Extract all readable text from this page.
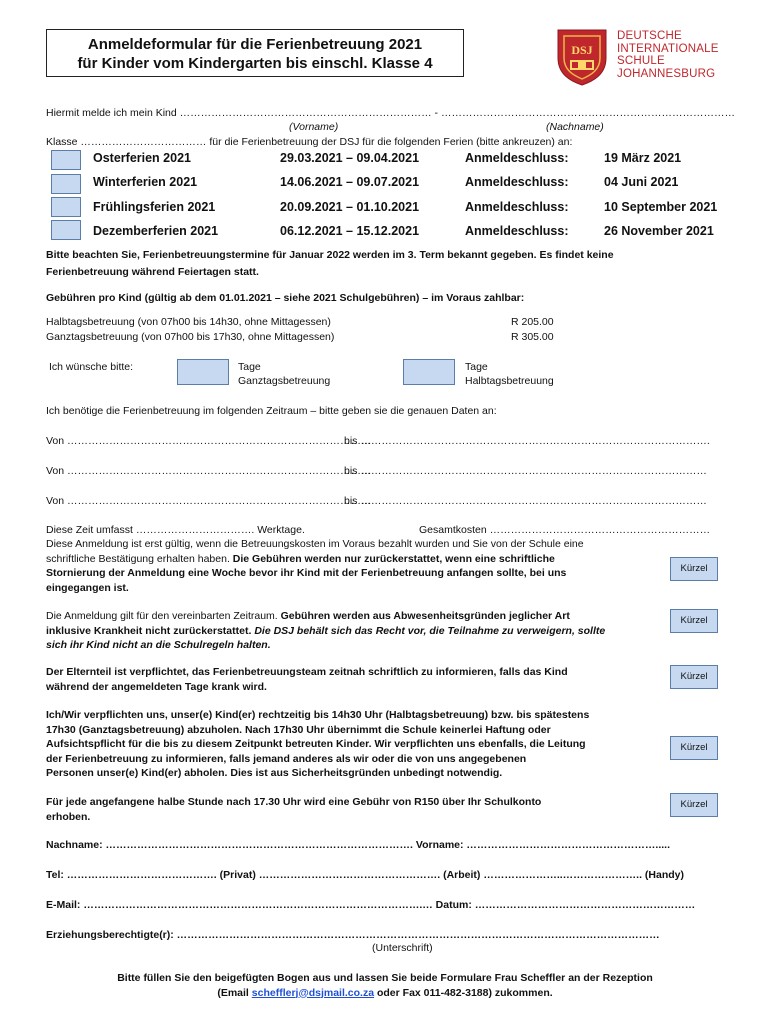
Anmeldeformular für die Ferienbetreuung 2021
für Kinder vom Kindergarten bis einschl. Klasse 4
DSJ
DEUTSCHE
INTERNATIONALE
SCHULE
JOHANNESBURG
Hiermit melde ich mein Kind ……………………………………………………………… - …………………………………………………………………………
(Vorname)	(Nachname)
Klasse ……………………………… für die Ferienbetreuung der DSJ für die folgenden Ferien (bitte ankreuzen) an:
Osterferien 2021	29.03.2021 – 09.04.2021	Anmeldeschluss:	19 März 2021
Winterferien 2021	14.06.2021 – 09.07.2021	Anmeldeschluss:	04 Juni 2021
Frühlingsferien 2021	20.09.2021 – 01.10.2021	Anmeldeschluss:	10 September 2021
Dezemberferien 2021	06.12.2021 – 15.12.2021	Anmeldeschluss:	26 November 2021
Bitte beachten Sie, Ferienbetreuungstermine für Januar 2022 werden im 3. Term bekannt gegeben. Es findet keine
Ferienbetreuung während Feiertagen statt.
Gebühren pro Kind (gültig ab dem 01.01.2021 – siehe 2021 Schulgebühren) – im Voraus zahlbar:
Halbtagsbetreuung (von 07h00 bis 14h30, ohne Mittagessen)	R 205.00
Ganztagsbetreuung (von 07h00 bis 17h30, ohne Mittagessen)	R 305.00
Ich wünsche bitte:	Tage
Ganztagsbetreuung
Tage
Halbtagsbetreuung
Ich benötige die Ferienbetreuung im folgenden Zeitraum – bitte geben sie die genauen Daten an:
Von ……………………………………………………………………………
bis ……………………………………………………………………………………….
Von ……………………………………………………………………………
bis ………………………………………………………………………………………
Von ……………………………………………………………………………
bis ………………………………………………………………………………………
Diese Zeit umfasst ……………………………. Werktage.	Gesamtkosten ………………………………………………………
Diese Anmeldung ist erst gültig, wenn die Betreuungskosten im Voraus bezahlt wurden und Sie von der Schule eine
schriftliche Bestätigung erhalten haben. Die Gebühren werden nur zurückerstattet, wenn eine schriftliche
Stornierung der Anmeldung eine Woche bevor ihr Kind mit der Ferienbetreuung anfangen sollte, bei uns
eingegangen ist.
Kürzel
Die Anmeldung gilt für den vereinbarten Zeitraum. Gebühren werden aus Abwesenheitsgründen jeglicher Art
inklusive Krankheit nicht zurückerstattet. Die DSJ behält sich das Recht vor, die Teilnahme zu verweigern, sollte
sich ihr Kind nicht an die Schulregeln halten.
Kürzel
Der Elternteil ist verpflichtet, das Ferienbetreuungsteam zeitnah schriftlich zu informieren, falls das Kind
während der angemeldeten Tage krank wird.
Kürzel
Ich/Wir verpflichten uns, unser(e) Kind(er) rechtzeitig bis 14h30 Uhr (Halbtagsbetreuung) bzw. bis spätestens
17h30 (Ganztagsbetreuung) abzuholen. Nach 17h30 Uhr übernimmt die Schule keinerlei Haftung oder
Aufsichtspflicht für die bis zu diesem Zeitpunkt betreuten Kinder. Wir verpflichten uns ebenfalls, die Leitung
der Ferienbetreuung zu informieren, falls jemand anderes als wir oder die von uns angegebenen
Personen unser(e) Kind(er) abholen. Dies ist aus Sicherheitsgründen unbedingt notwendig.
Kürzel
Für jede angefangene halbe Stunde nach 17.30 Uhr wird eine Gebühr von R150 über Ihr Schulkonto
erhoben.
Kürzel
Nachname: ……………………………………………………………………………. Vorname: ……………………………………………….....
Tel: ……………………………………. (Privat) ……………………………………………. (Arbeit) …………………..………………….. (Handy)
E-Mail: …………………………………………………………………………………….… Datum: ………………………………………………………
Erziehungsberechtigte(r): …………………………………………………………………………………………………………………………
(Unterschrift)
Bitte füllen Sie den beigefügten Bogen aus und lassen Sie beide Formulare Frau Scheffler an der Rezeption
(Email schefflerj@dsjmail.co.za oder Fax 011-482-3188) zukommen.
